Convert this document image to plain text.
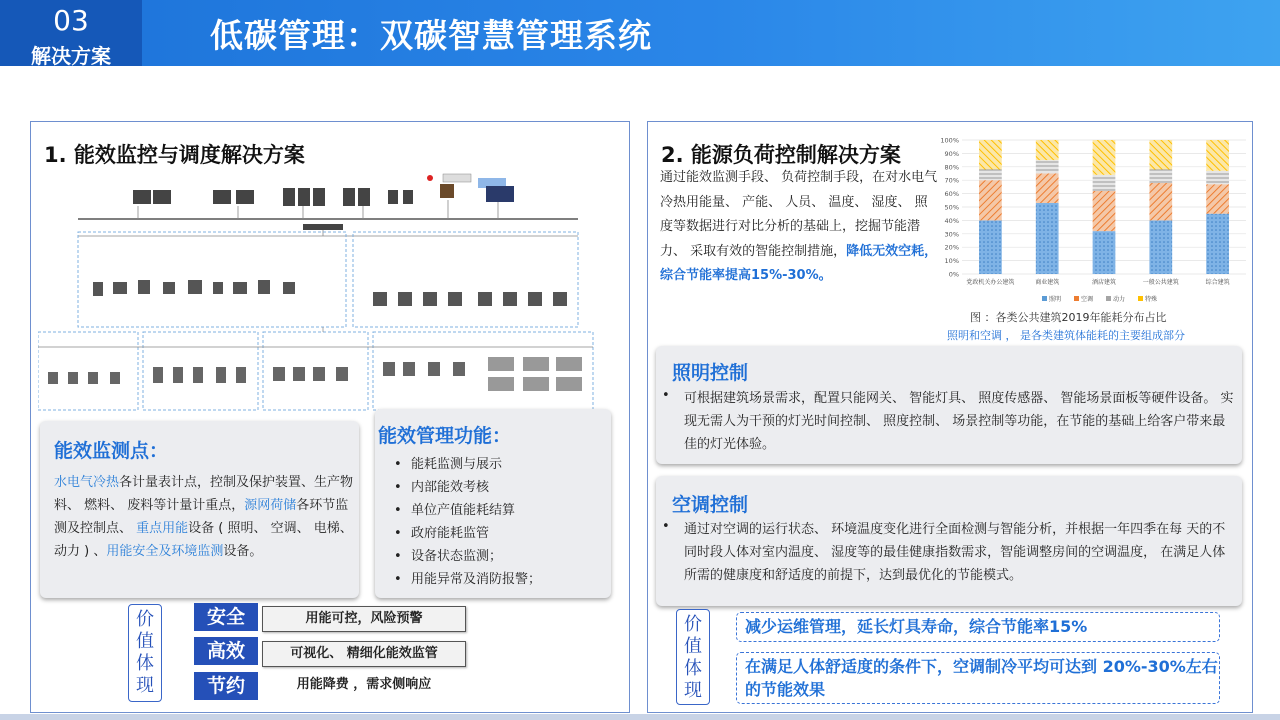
03
解决方案
低碳管理：双碳智慧管理系统
1. 能效监控与调度解决方案
能效监测点：
水电气冷热各计量表计点，控制及保护装置、生产物料、 燃料、 废料等计量计重点，源网荷储各环节监测及控制点、 重点用能设备 ( 照明、 空调、 电梯、 动力 ) 、用能安全及环境监测设备。
能效管理功能：
• 能耗监测与展示
• 内部能效考核
• 单位产值能耗结算
• 政府能耗监管
• 设备状态监测；
• 用能异常及消防报警；
价
值
体
现
安全	用能可控，风险预警
高效	可视化、 精细化能效监管
节约	用能降费 ，需求侧响应
2. 能源负荷控制解决方案
通过能效监测手段、 负荷控制手段，在对水电气冷热用能量、 产能、 人员、 温度、 湿度、 照度等数据进行对比分析的基础上，挖掘节能潜力、 采取有效的智能控制措施，降低无效空耗，综合节能率提高15%-30%。	0%
10%
20%
30%
40%
50%
60%
70%
80%
90%
100%
党政机关办公建筑	商业建筑	酒店建筑	一般公共建筑	综合建筑
照明	空调	动力	特殊
图 ：各类公共建筑2019年能耗分布占比
照明和空调 ， 是各类建筑体能耗的主要组成部分
照明控制
• 可根据建筑场景需求，配置只能网关、 智能灯具、 照度传感器、 智能场景面板等硬件设备。 实现无需人为干预的灯光时间控制、 照度控制、 场景控制等功能，在节能的基础上给客户带来最佳的灯光体验。
空调控制
• 通过对空调的运行状态、 环境温度变化进行全面检测与智能分析，并根据一年四季在每 天的不同时段人体对室内温度、 湿度等的最佳健康指数需求，智能调整房间的空调温度， 在满足人体所需的健康度和舒适度的前提下，达到最优化的节能模式。
价
值
体
现
减少运维管理，延长灯具寿命，综合节能率15%
在满足人体舒适度的条件下，空调制冷平均可达到 20%-30%左右的节能效果
